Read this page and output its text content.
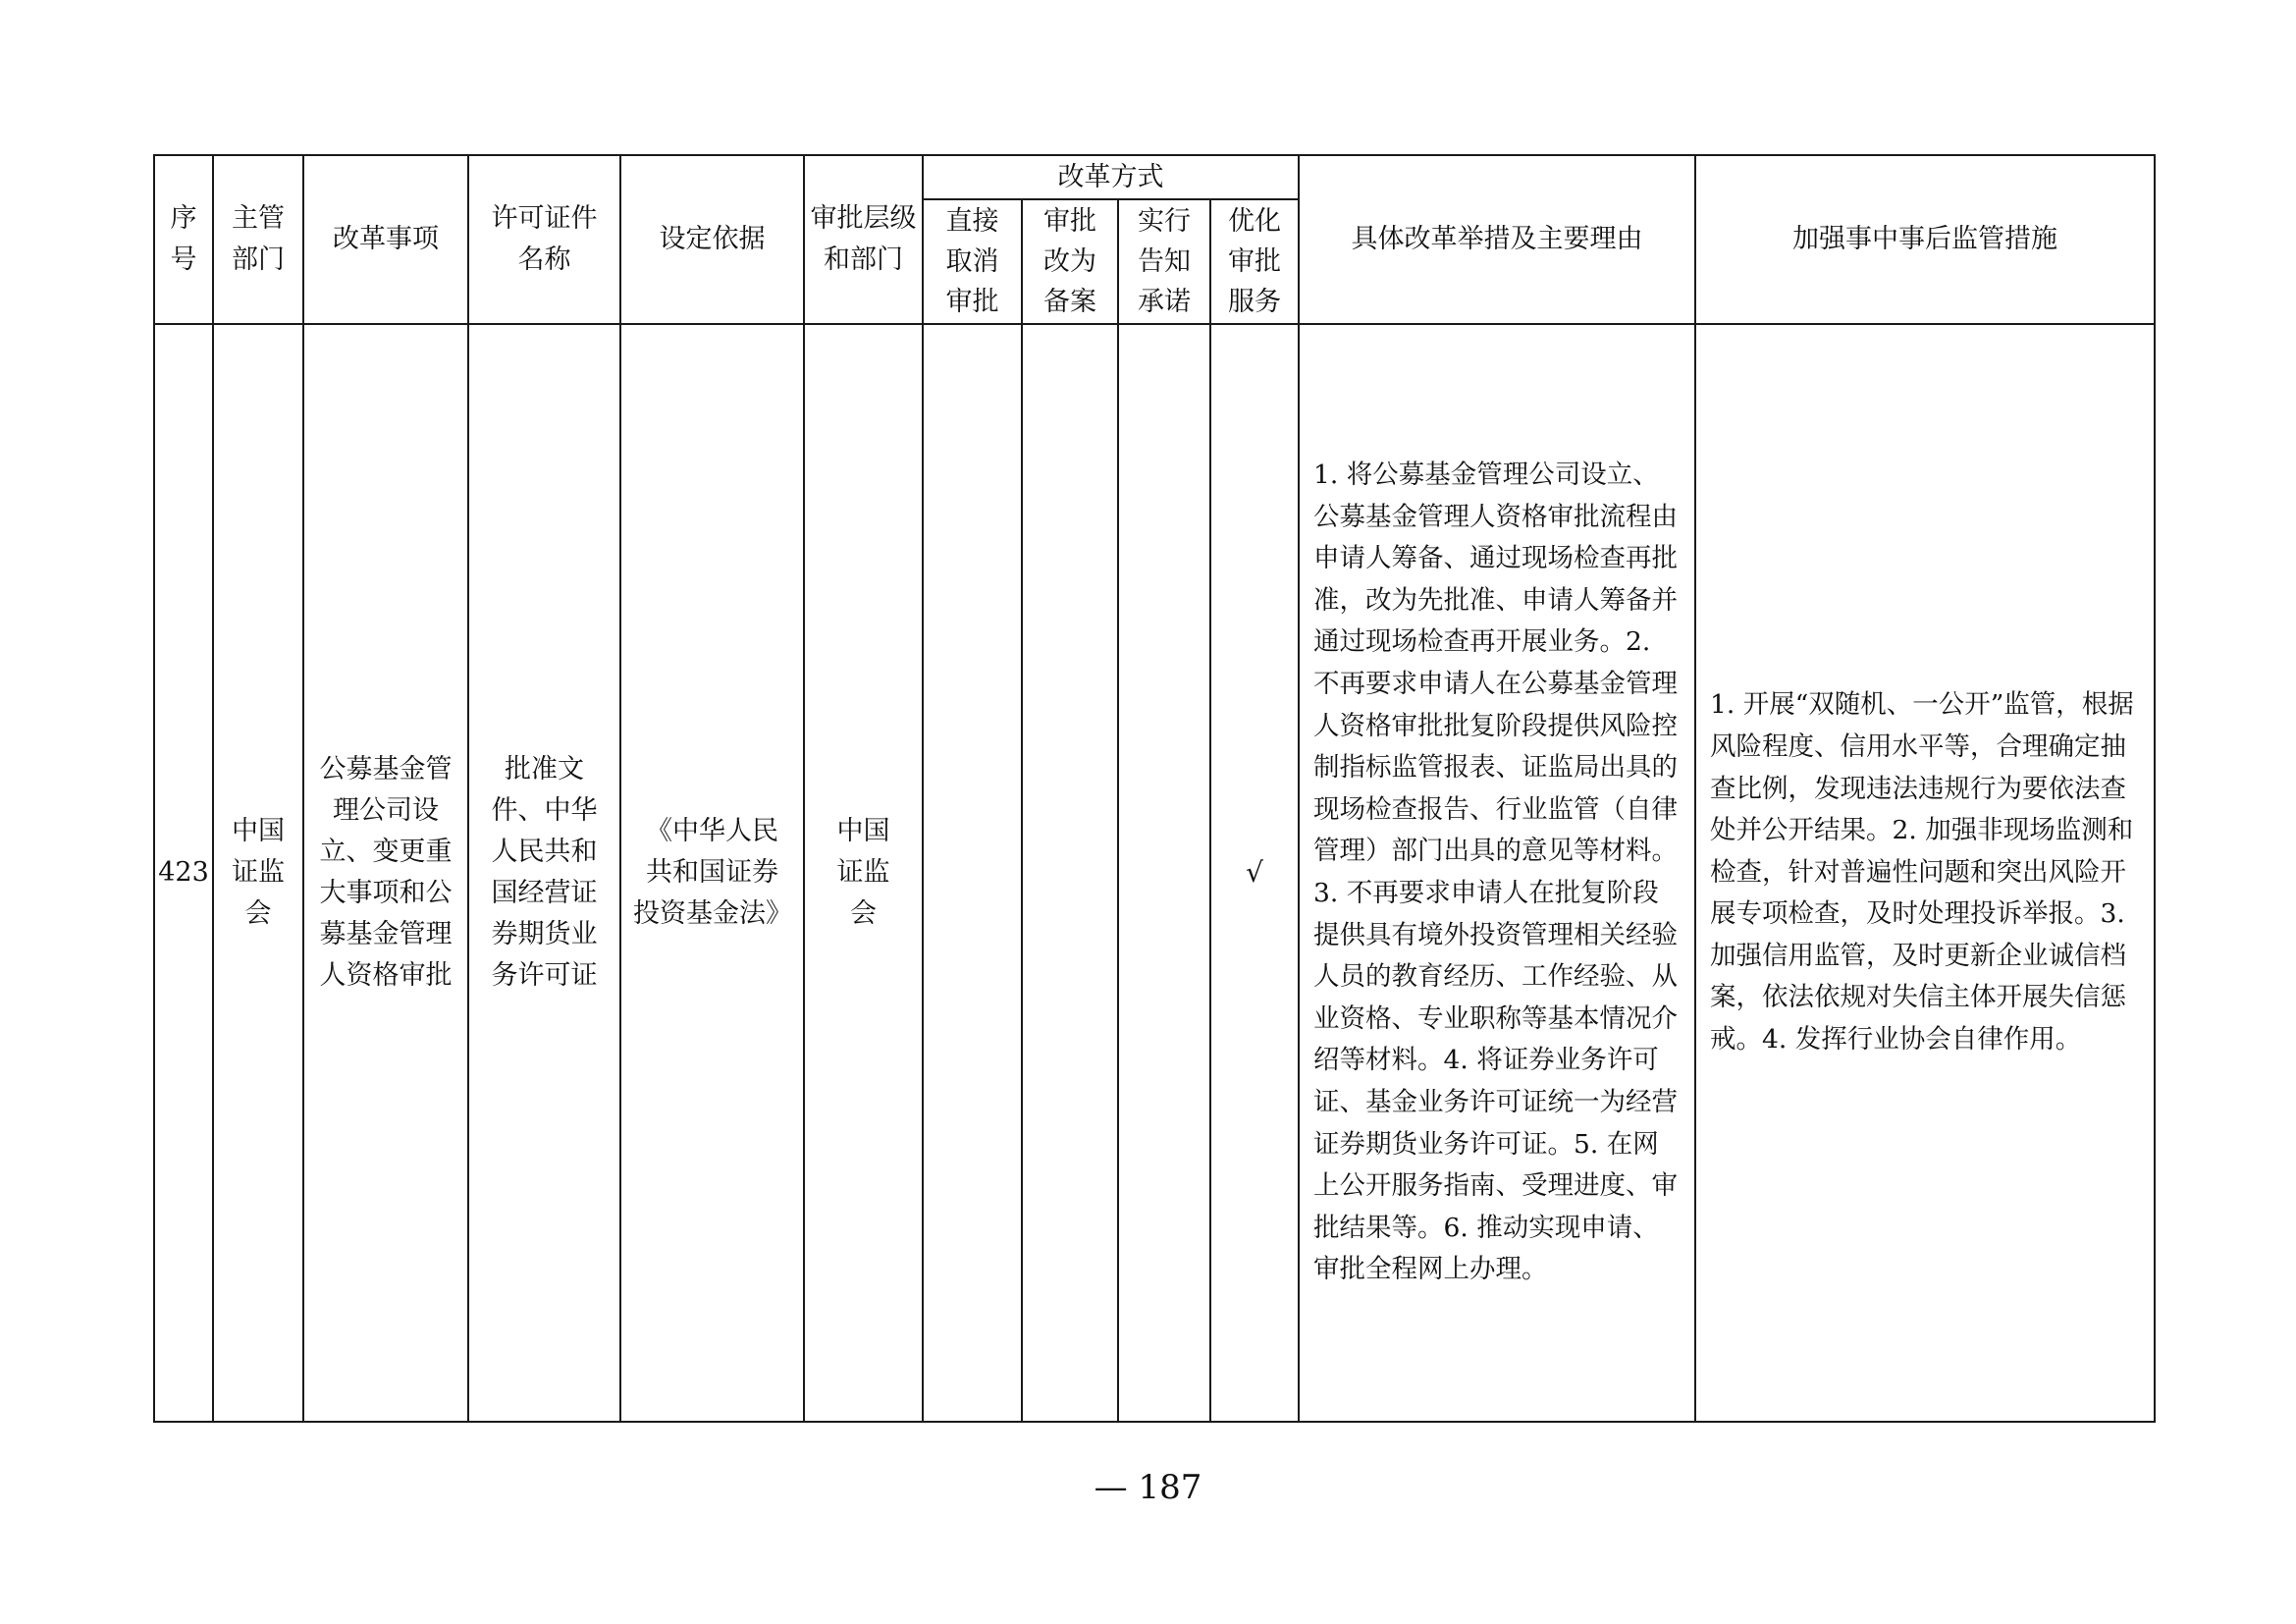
序号	主管部门	改革事项	许可证件名称	设定依据	审批层级和部门	改革方式				具体改革举措及主要理由	加强事中事后监管措施
						直接取消审批	审批改为备案	实行告知承诺	优化审批服务		
423	中国证监会	公募基金管理公司设立、变更重大事项和公募基金管理人资格审批	批准文件、中华人民共和国经营证券期货业务许可证	《中华人民共和国证券投资基金法》	中国证监会				√	1. 将公募基金管理公司设立、公募基金管理人资格审批流程由申请人筹备、通过现场检查再批准，改为先批准、申请人筹备并通过现场检查再开展业务。2. 不再要求申请人在公募基金管理人资格审批批复阶段提供风险控制指标监管报表、证监局出具的现场检查报告、行业监管（自律管理）部门出具的意见等材料。3. 不再要求申请人在批复阶段提供具有境外投资管理相关经验人员的教育经历、工作经验、从业资格、专业职称等基本情况介绍等材料。4. 将证券业务许可证、基金业务许可证统一为经营证券期货业务许可证。5. 在网上公开服务指南、受理进度、审批结果等。6. 推动实现申请、审批全程网上办理。	1. 开展“双随机、一公开”监管，根据风险程度、信用水平等，合理确定抽查比例，发现违法违规行为要依法查处并公开结果。2. 加强非现场监测和检查，针对普遍性问题和突出风险开展专项检查，及时处理投诉举报。3. 加强信用监管，及时更新企业诚信档案，依法依规对失信主体开展失信惩戒。4. 发挥行业协会自律作用。
— 187
